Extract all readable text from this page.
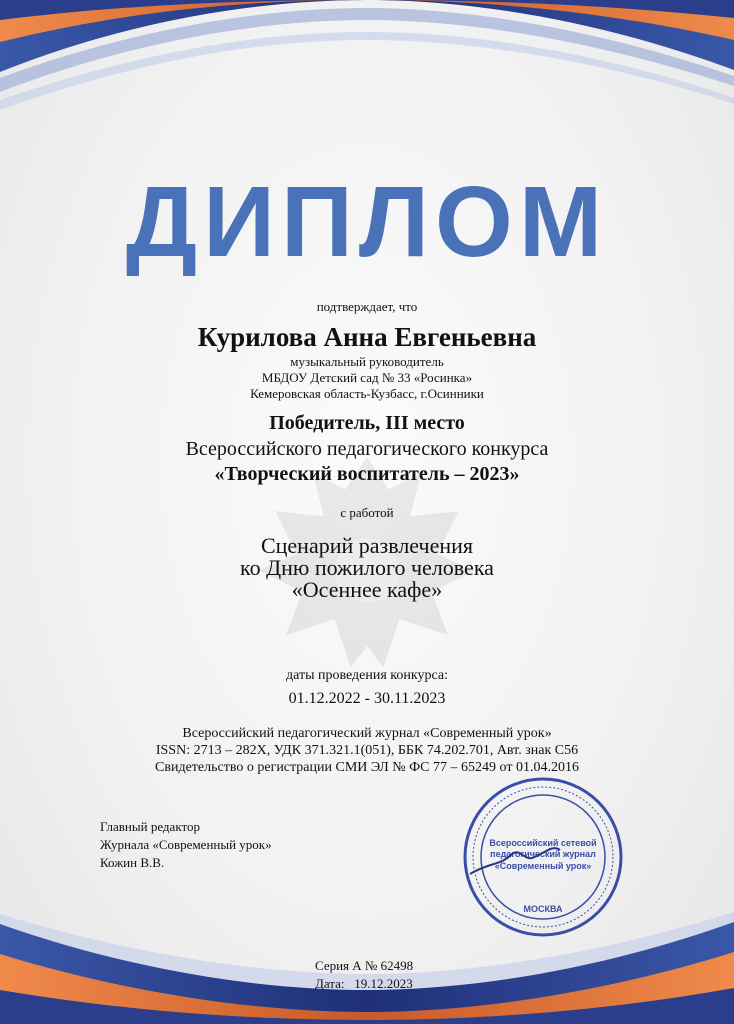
ДИПЛОМ
подтверждает, что
Курилова Анна Евгеньевна
музыкальный руководитель
МБДОУ Детский сад № 33 «Росинка»
Кемеровская область-Кузбасс, г.Осинники
Победитель, III место
Всероссийского педагогического конкурса
«Творческий воспитатель – 2023»
с работой
Сценарий развлечения
ко Дню пожилого человека
«Осеннее кафе»
даты проведения конкурса:
01.12.2022 - 30.11.2023
Всероссийский педагогический журнал «Современный урок»
ISSN: 2713 – 282Х, УДК 371.321.1(051), ББК 74.202.701, Авт. знак С56
Свидетельство о регистрации СМИ ЭЛ № ФС 77 – 65249 от 01.04.2016
Главный редактор
Журнала «Современный урок»
Кожин В.В.
Всероссийский сетевой
педагогический журнал
«Современный урок»
МОСКВА
Серия А № 62498
Дата:   19.12.2023
